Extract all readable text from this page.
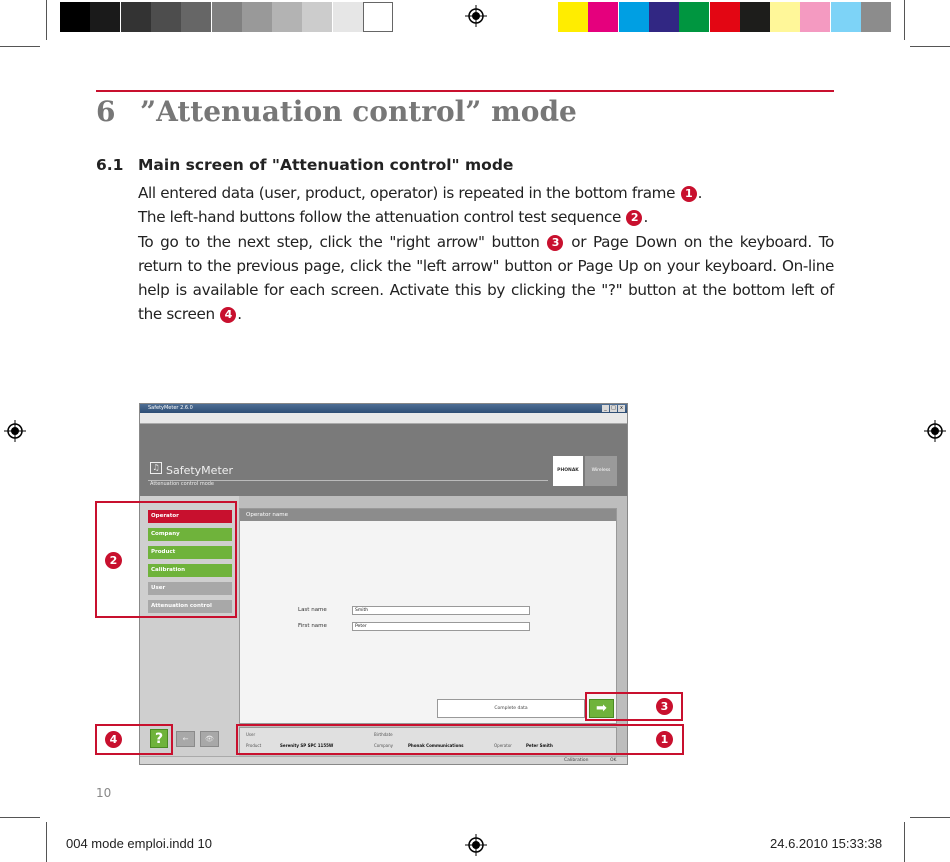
6 ”Attenuation control” mode
6.1 Main screen of "Attenuation control" mode

All entered data (user, product, operator) is repeated in the bottom frame 1 .

The left-hand buttons follow the attenuation control test sequence 2 .

To go to the next step, click the "right arrow" button 3 or Page Down on the keyboard. To return to the previous page, click the "left arrow" button or Page Up on your keyboard. On-line help is available for each screen. Activate this by clicking the "?" button at the bottom left of the screen 4 .

SafetyMeter 2.6.0	_ □ x
♫ SafetyMeter
Attenuation control mode
PHONAK	Wireless
Operator name
Last name	Smith
First name	Peter
Complete data	➡
?	←	👁
User
Product	Serenity SP SPC 1155W
Birthdate
Company	Phonak Communications	Operator	Peter Smith
Calibration	OK
Operator
Company
Product
Calibration
User
Attenuation control
2
3
1
4
10
004 mode emploi.indd 10	24.6.2010 15:33:38
